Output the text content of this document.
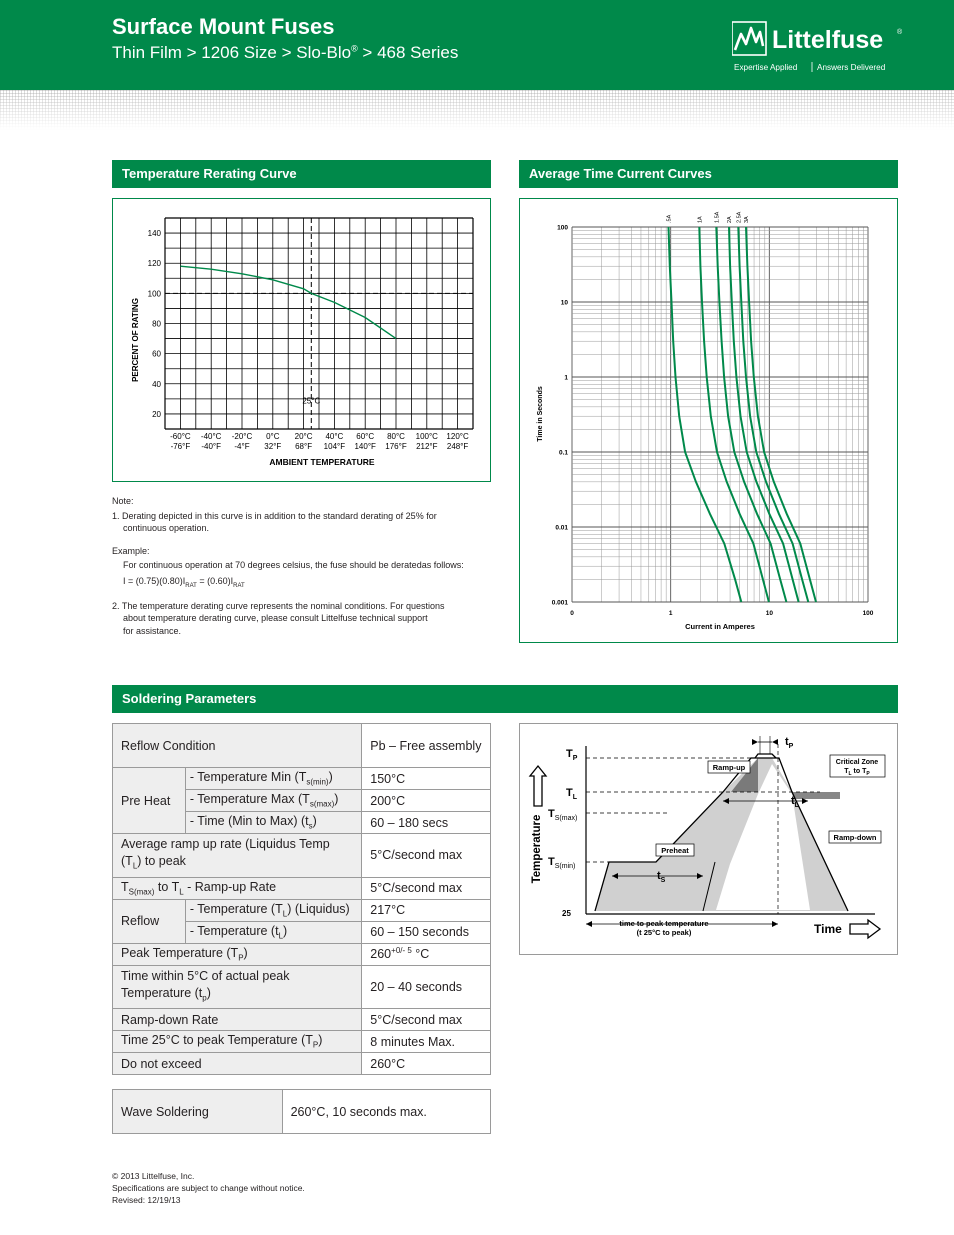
Surface Mount Fuses
Thin Film > 1206 Size > Slo-Blo® > 468 Series	Littelfuse ®
Expertise Applied Answers Delivered
Temperature Rerating Curve
140
120
100
80
60
40
20
-60°C
-76°F
-40°C
-40°F
-20°C
-4°F
0°C
32°F
20°C
68°F
40°C
104°F
60°C
140°F
80°C
176°F
100°C
212°F
120°C
248°F
25°C
AMBIENT TEMPERATURE
PERCENT OF RATING
Note:
1. Derating depicted in this curve is in addition to the standard derating of 25% for
continuous operation.
Example:
For continuous operation at 70 degrees celsius, the fuse should be deratedas follows:
$I = (0.75)(0.80)I_{RAT} = (0.60)I_{RAT}$
2. The temperature derating curve represents the nominal conditions. For questions
about temperature derating curve, please consult Littelfuse technical support
for assistance.
Average Time Current Curves
.5A	1A 1.5A 2A 2.5A 3A
100
10
1
0.1
0.01
0.001
0	1	10	100
Current in Amperes
Time in Seconds
Soldering Parameters
Reflow Condition		Pb – Free assembly
Pre Heat	- Temperature Min $(T_{s(min)})$	150°C
	- Temperature Max $(T_{s(max)})$	200°C
	- Time (Min to Max) $(t_s)$	60 – 180 secs
Average ramp up rate (Liquidus Temp
$(T_L)$ to peak		5°C/second max
$T_{S(max)}$ to $T_L$ - Ramp-up Rate		5°C/second max
Reflow	- Temperature $(T_L)$ (Liquidus)	217°C
	- Temperature $(t_L)$	60 – 150 seconds
Peak Temperature $(T_P)$		$260^{+0/- 5}$ °C
Time within 5°C of actual peak
Temperature $(t_p)$		20 – 40 seconds
Ramp-down Rate		5°C/second max
Time 25°C to peak Temperature $(T_P)$		8 minutes Max.
Do not exceed		260°C
Wave Soldering	260°C, 10 seconds max.
$T_P$
$T_L$
$T_{S(max)}$
$T_{S(min)}$
25
Temperature
Time
$t_P$
$t_L$
$t_S$
Ramp-up
Ramp-down
Preheat
Critical Zone
$T_L$ to $T_P$
time to peak temperature
(t 25°C to peak)
© 2013 Littelfuse, Inc.
Specifications are subject to change without notice.
Revised: 12/19/13
